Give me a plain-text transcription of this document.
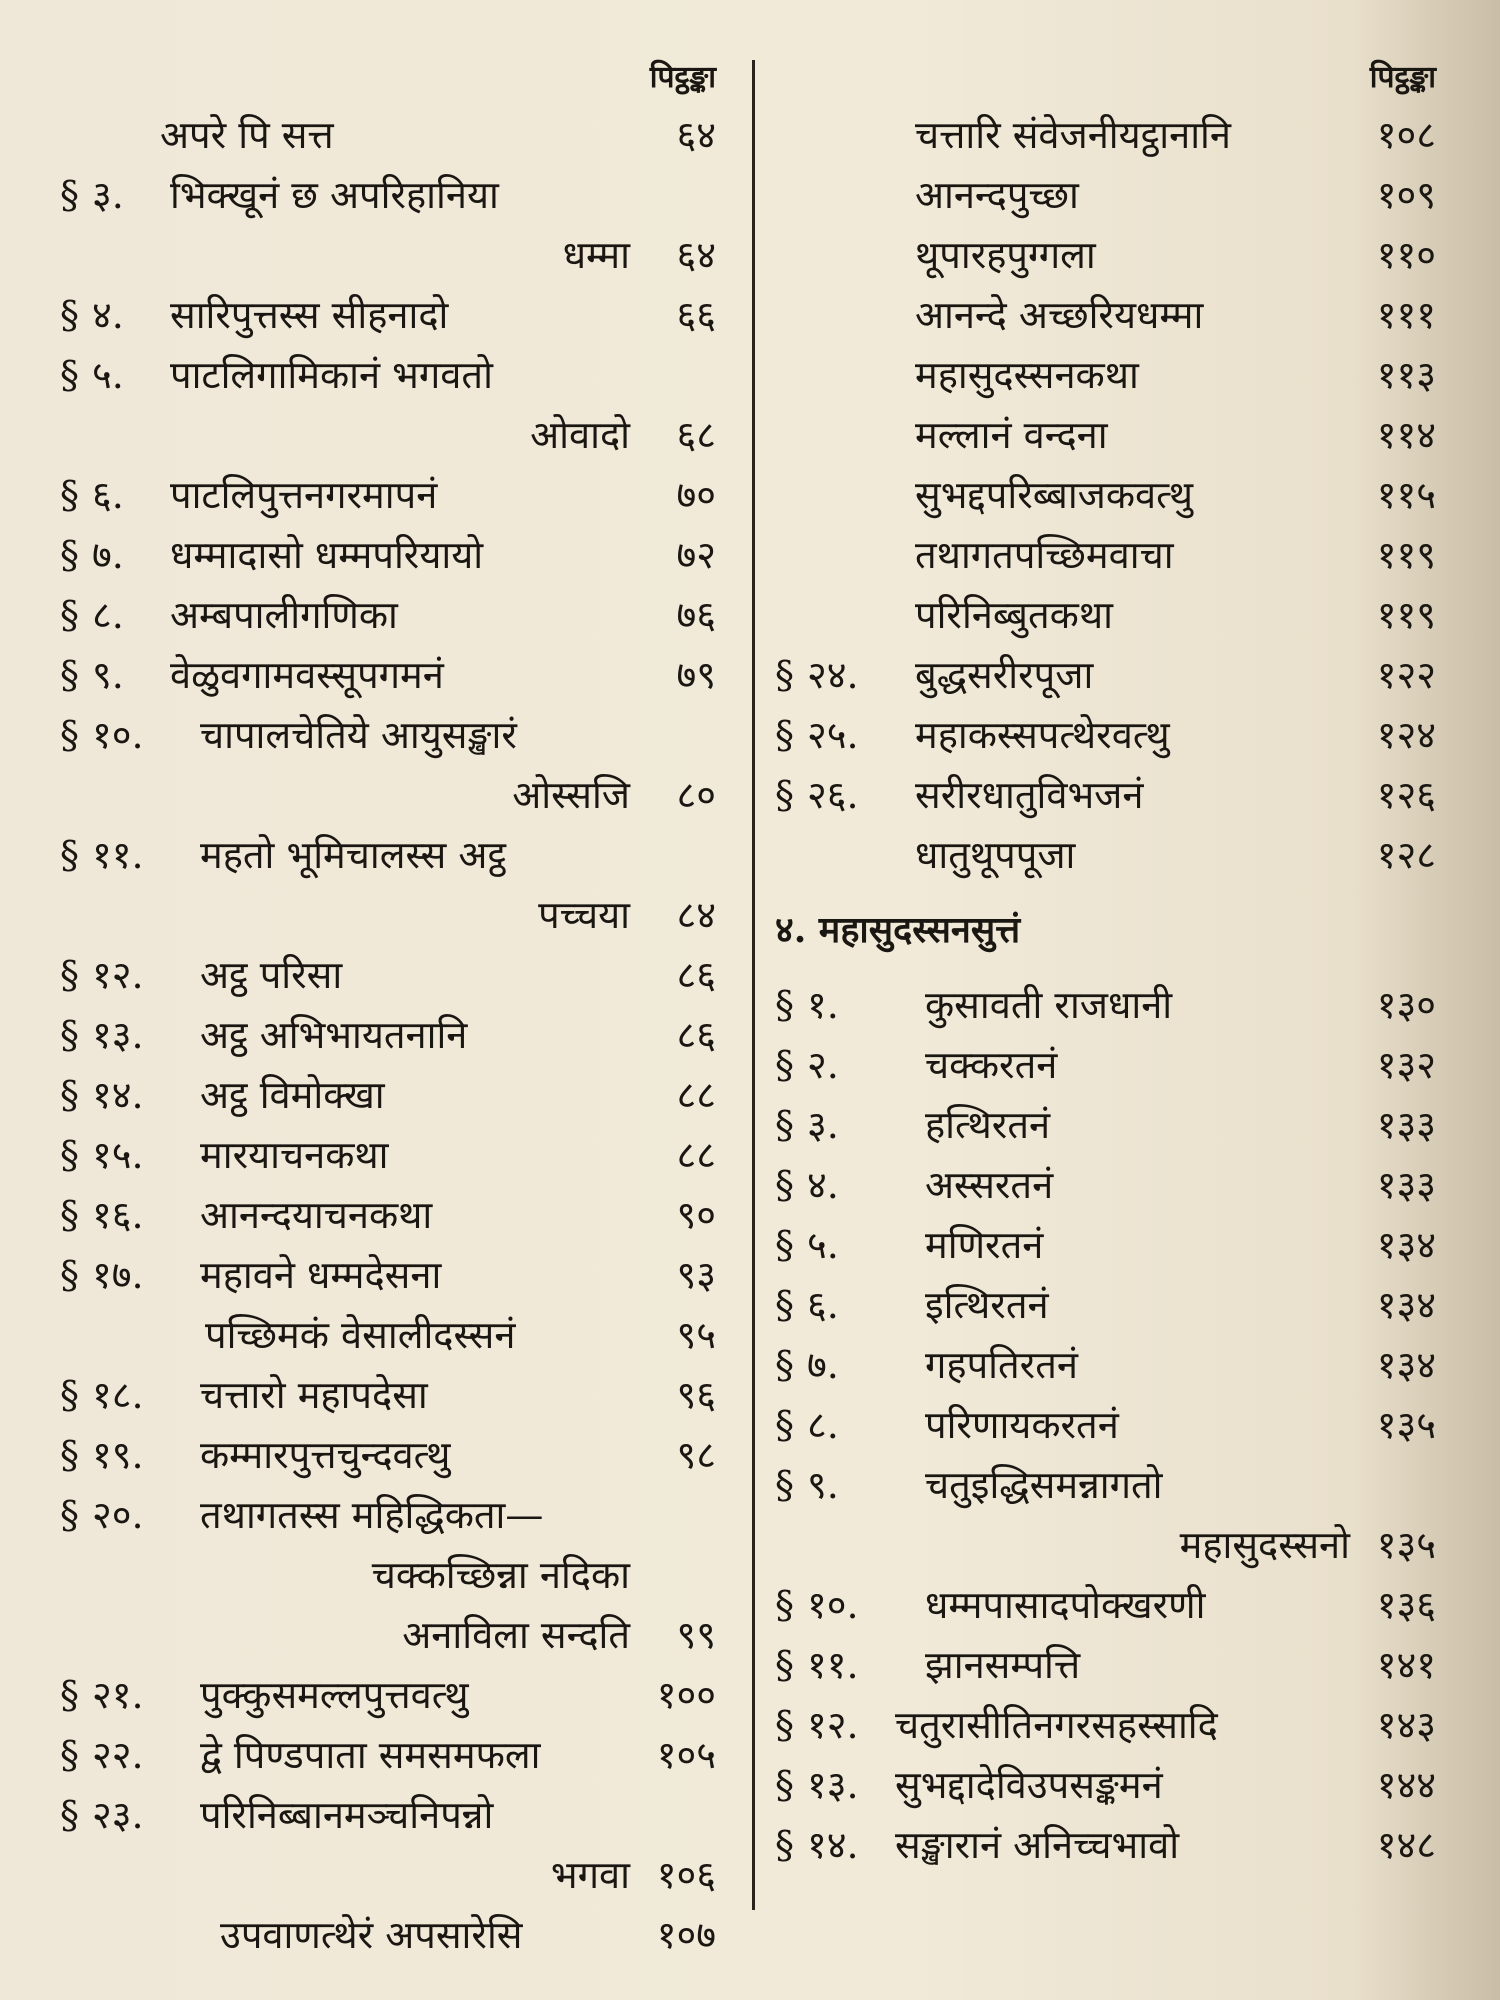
पिट्ठङ्का
अपरे पि सत्त	६४
§ ३. भिक्खूनं छ अपरिहानिया
धम्मा ६४
§ ४. सारिपुत्तस्स सीहनादो	६६
§ ५. पाटलिगामिकानं भगवतो
ओवादो ६८
§ ६. पाटलिपुत्तनगरमापनं	७०
§ ७. धम्मादासो धम्मपरियायो	७२
§ ८. अम्बपालीगणिका	७६
§ ९. वेळुवगामवस्सूपगमनं	७९
§ १०. चापालचेतिये आयुसङ्खारं
ओस्सजि ८०
§ ११. महतो भूमिचालस्स अट्ठ
पच्चया ८४
§ १२. अट्ठ परिसा	८६
§ १३. अट्ठ अभिभायतनानि	८६
§ १४. अट्ठ विमोक्खा	८८
§ १५. मारयाचनकथा	८८
§ १६. आनन्दयाचनकथा	९०
§ १७. महावने धम्मदेसना	९३
पच्छिमकं वेसालीदस्सनं	९५
§ १८. चत्तारो महापदेसा	९६
§ १९. कम्मारपुत्तचुन्दवत्थु	९८
§ २०. तथागतस्स महिद्धिकता—
चक्कच्छिन्ना नदिका
अनाविला सन्दति ९९
§ २१. पुक्कुसमल्लपुत्तवत्थु	१००
§ २२. द्वे पिण्डपाता समसमफला	१०५
§ २३. परिनिब्बानमञ्चनिपन्नो
भगवा १०६
उपवाणत्थेरं अपसारेसि	१०७
पिट्ठङ्का
चत्तारि संवेजनीयट्ठानानि	१०८
आनन्दपुच्छा	१०९
थूपारहपुग्गला	११०
आनन्दे अच्छरियधम्मा	१११
महासुदस्सनकथा	११३
मल्लानं वन्दना	११४
सुभद्दपरिब्बाजकवत्थु	११५
तथागतपच्छिमवाचा	११९
परिनिब्बुतकथा	११९
§ २४. बुद्धसरीरपूजा	१२२
§ २५. महाकस्सपत्थेरवत्थु	१२४
§ २६. सरीरधातुविभजनं	१२६
धातुथूपपूजा	१२८
४. महासुदस्सनसुत्तं
§ १. कुसावती राजधानी	१३०
§ २. चक्करतनं	१३२
§ ३. हत्थिरतनं	१३३
§ ४. अस्सरतनं	१३३
§ ५. मणिरतनं	१३४
§ ६. इत्थिरतनं	१३४
§ ७. गहपतिरतनं	१३४
§ ८. परिणायकरतनं	१३५
§ ९. चतुइद्धिसमन्नागतो
महासुदस्सनो १३५
§ १०. धम्मपासादपोक्खरणी	१३६
§ ११. झानसम्पत्ति	१४१
§ १२. चतुरासीतिनगरसहस्सादि	१४३
§ १३. सुभद्दादेविउपसङ्कमनं	१४४
§ १४. सङ्खारानं अनिच्चभावो	१४८
